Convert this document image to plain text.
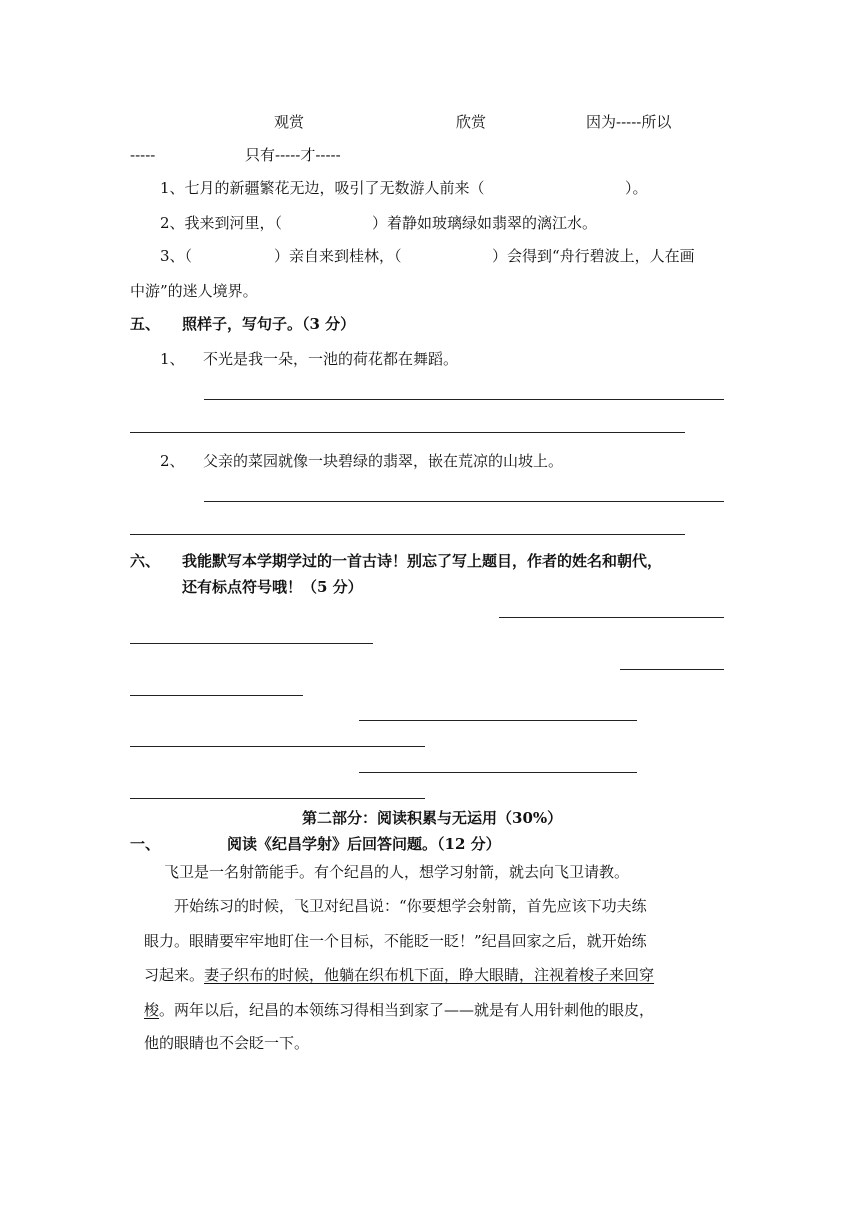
观赏	欣赏	因为-----所以
-----	只有-----才-----
1、七月的新疆繁花无边，吸引了无数游人前来（	）。
2、我来到河里，（	）着静如玻璃绿如翡翠的漓江水。
3、（	）亲自来到桂林，（	）会得到“舟行碧波上，人在画
中游”的迷人境界。
五、 照样子，写句子。（3 分）
1、 不光是我一朵，一池的荷花都在舞蹈。
2、 父亲的菜园就像一块碧绿的翡翠，嵌在荒凉的山坡上。
六、 我能默写本学期学过的一首古诗！别忘了写上题目，作者的姓名和朝代，
还有标点符号哦！（5 分）
第二部分：阅读积累与无运用（30%）
一、	阅读《纪昌学射》后回答问题。（12 分）
飞卫是一名射箭能手。有个纪昌的人，想学习射箭，就去向飞卫请教。
开始练习的时候，飞卫对纪昌说：“你要想学会射箭，首先应该下功夫练
眼力。眼睛要牢牢地盯住一个目标，不能眨一眨！”纪昌回家之后，就开始练
习起来。妻子织布的时候，他躺在织布机下面，睁大眼睛，注视着梭子来回穿
梭。两年以后，纪昌的本领练习得相当到家了——就是有人用针刺他的眼皮，
他的眼睛也不会眨一下。
